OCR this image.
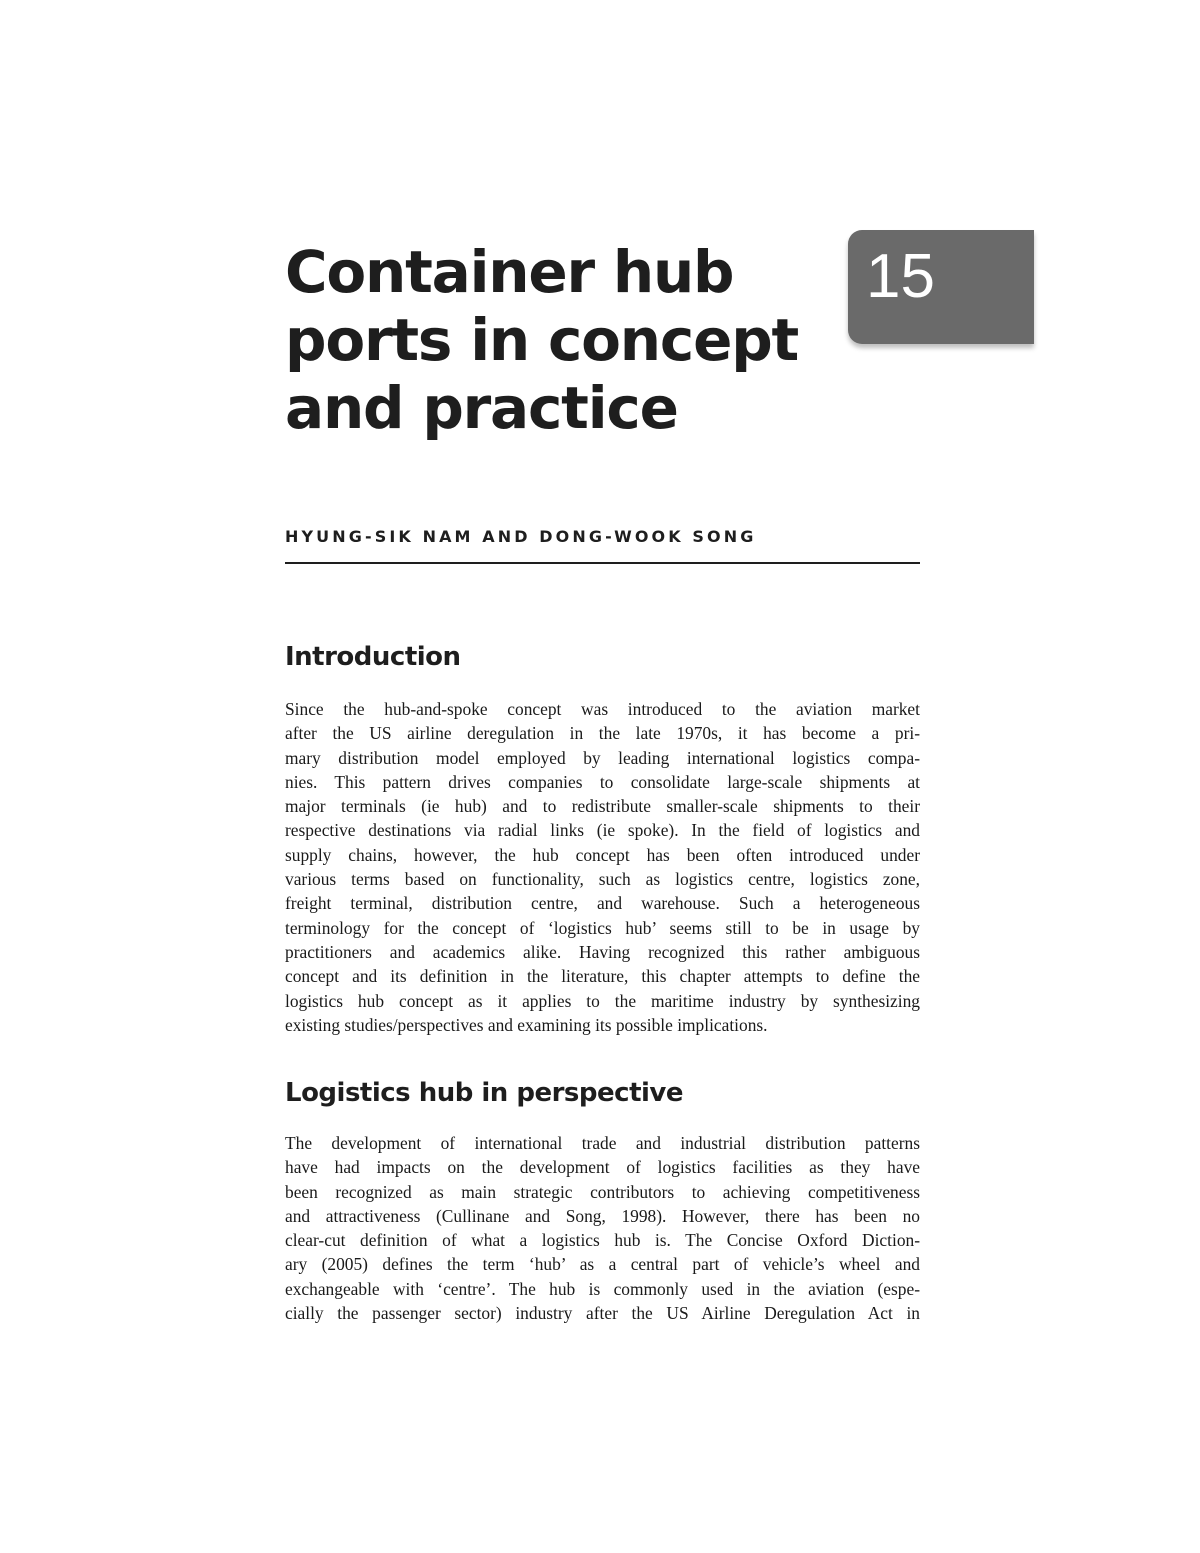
Container hub
ports in concept
and practice
15

HYUNG-SIK NAM AND DONG-WOOK SONG

Introduction

Since the hub-and-spoke concept was introduced to the aviation market
after the US airline deregulation in the late 1970s, it has become a pri-
mary distribution model employed by leading international logistics compa-
nies. This pattern drives companies to consolidate large-scale shipments at
major terminals (ie hub) and to redistribute smaller-scale shipments to their
respective destinations via radial links (ie spoke). In the field of logistics and
supply chains, however, the hub concept has been often introduced under
various terms based on functionality, such as logistics centre, logistics zone,
freight terminal, distribution centre, and warehouse. Such a heterogeneous
terminology for the concept of ‘logistics hub’ seems still to be in usage by
practitioners and academics alike. Having recognized this rather ambiguous
concept and its definition in the literature, this chapter attempts to define the
logistics hub concept as it applies to the maritime industry by synthesizing
existing studies/perspectives and examining its possible implications.

Logistics hub in perspective

The development of international trade and industrial distribution patterns
have had impacts on the development of logistics facilities as they have
been recognized as main strategic contributors to achieving competitiveness
and attractiveness (Cullinane and Song, 1998). However, there has been no
clear-cut definition of what a logistics hub is. The Concise Oxford Diction-
ary (2005) defines the term ‘hub’ as a central part of vehicle’s wheel and
exchangeable with ‘centre’. The hub is commonly used in the aviation (espe-
cially the passenger sector) industry after the US Airline Deregulation Act in
